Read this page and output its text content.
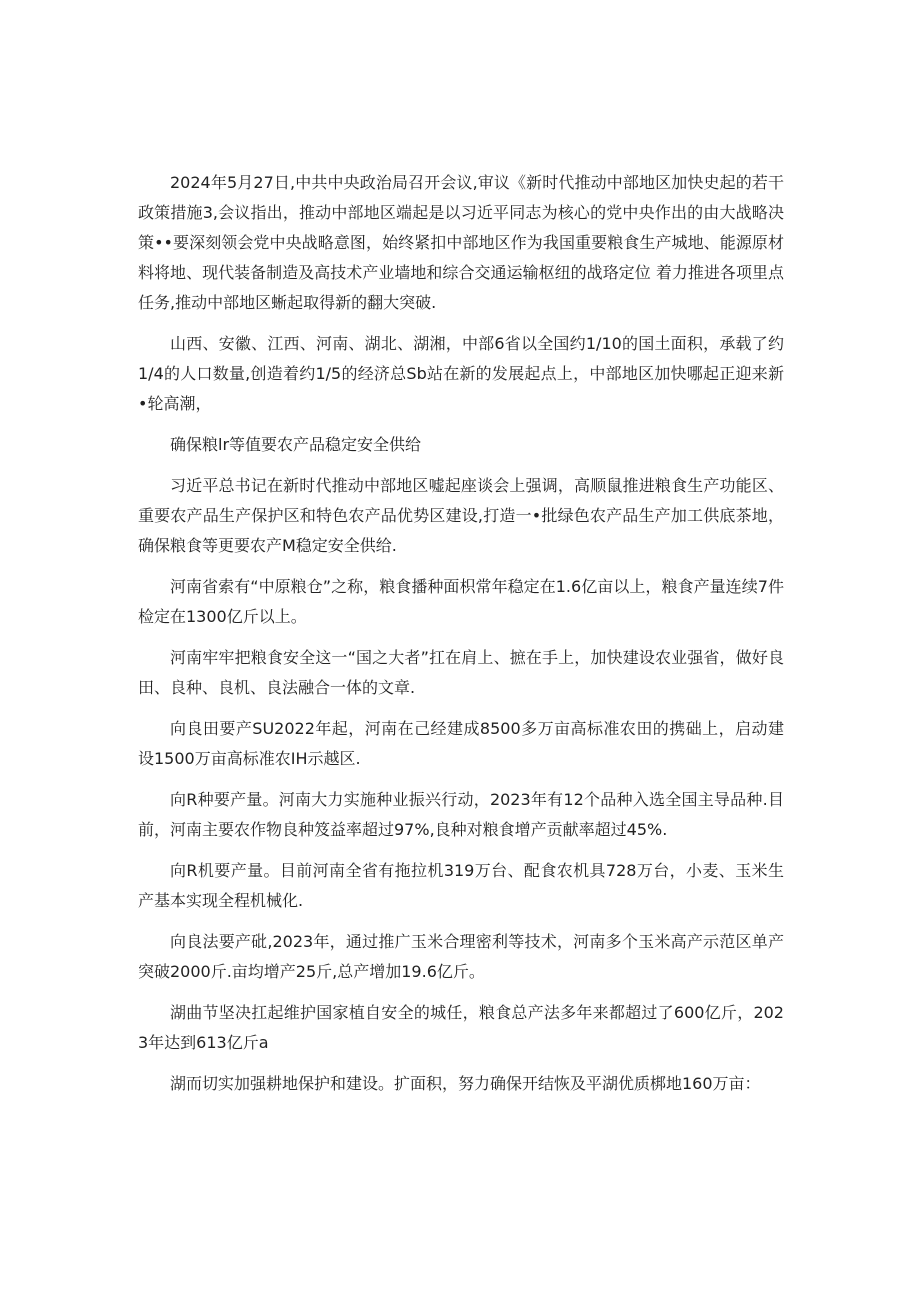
2024年5月27日,中共中央政治局召开会议,审议《新时代推动中部地区加快史起的若干政策措施3,会议指出，推动中部地区端起是以习近平同志为核心的党中央作出的由大战略决策••要深刻领会党中央战略意图，始终紧扣中部地区作为我国重要粮食生产城地、能源原材料将地、现代装备制造及高技术产业墙地和综合交通运输枢纽的战珞定位 着力推进各项里点任务,推动中部地区蜥起取得新的翻大突破.

山西、安徽、江西、河南、湖北、湖湘，中部6省以全国约1/10的国土面积，承载了约1/4的人口数量,创造着约1/5的经济总Sb站在新的发展起点上，中部地区加快哪起正迎来新•轮高潮，

确保粮lr等值要农产品稳定安全供给

习近平总书记在新时代推动中部地区嘘起座谈会上强调，高顺鼠推进粮食生产功能区、重要农产品生产保护区和特色农产品优势区建设,打造一•批绿色农产品生产加工供底茶地，确保粮食等更要农产M稳定安全供给.

河南省索有“中原粮仓”之称，粮食播种面枳常年稳定在1.6亿亩以上，粮食产量连续7件检定在1300亿斤以上。

河南牢牢把粮食安全这一“国之大者”扛在肩上、摭在手上，加快建设农业强省，做好良田、良种、良机、良法融合一体的文章.

向良田要产SU2022年起，河南在己经建成8500多万亩高标准农田的携础上，启动建设1500万亩高标准农IH示越区.

向R种要产量。河南大力实施种业振兴行动，2023年有12个品种入选全国主导品种.目前，河南主要农作物良种笈益率超过97%,良种对粮食增产贡献率超过45%.

向R机要产量。目前河南全省有拖拉机319万台、配食农机具728万台，小麦、玉米生产基本实现全程机械化.

向良法要产砒,2023年，通过推广玉米合理密利等技术，河南多个玉米高产示范区单产突破2000斤.亩均增产25斤,总产增加19.6亿斤。

湖曲节坚决扛起维护国家植自安全的城任，粮食总产法多年来都超过了600亿斤，2023年达到613亿斤a

湖而切实加强耕地保护和建设。扩面积，努力确保开结恢及平湖优质梆地160万亩：
